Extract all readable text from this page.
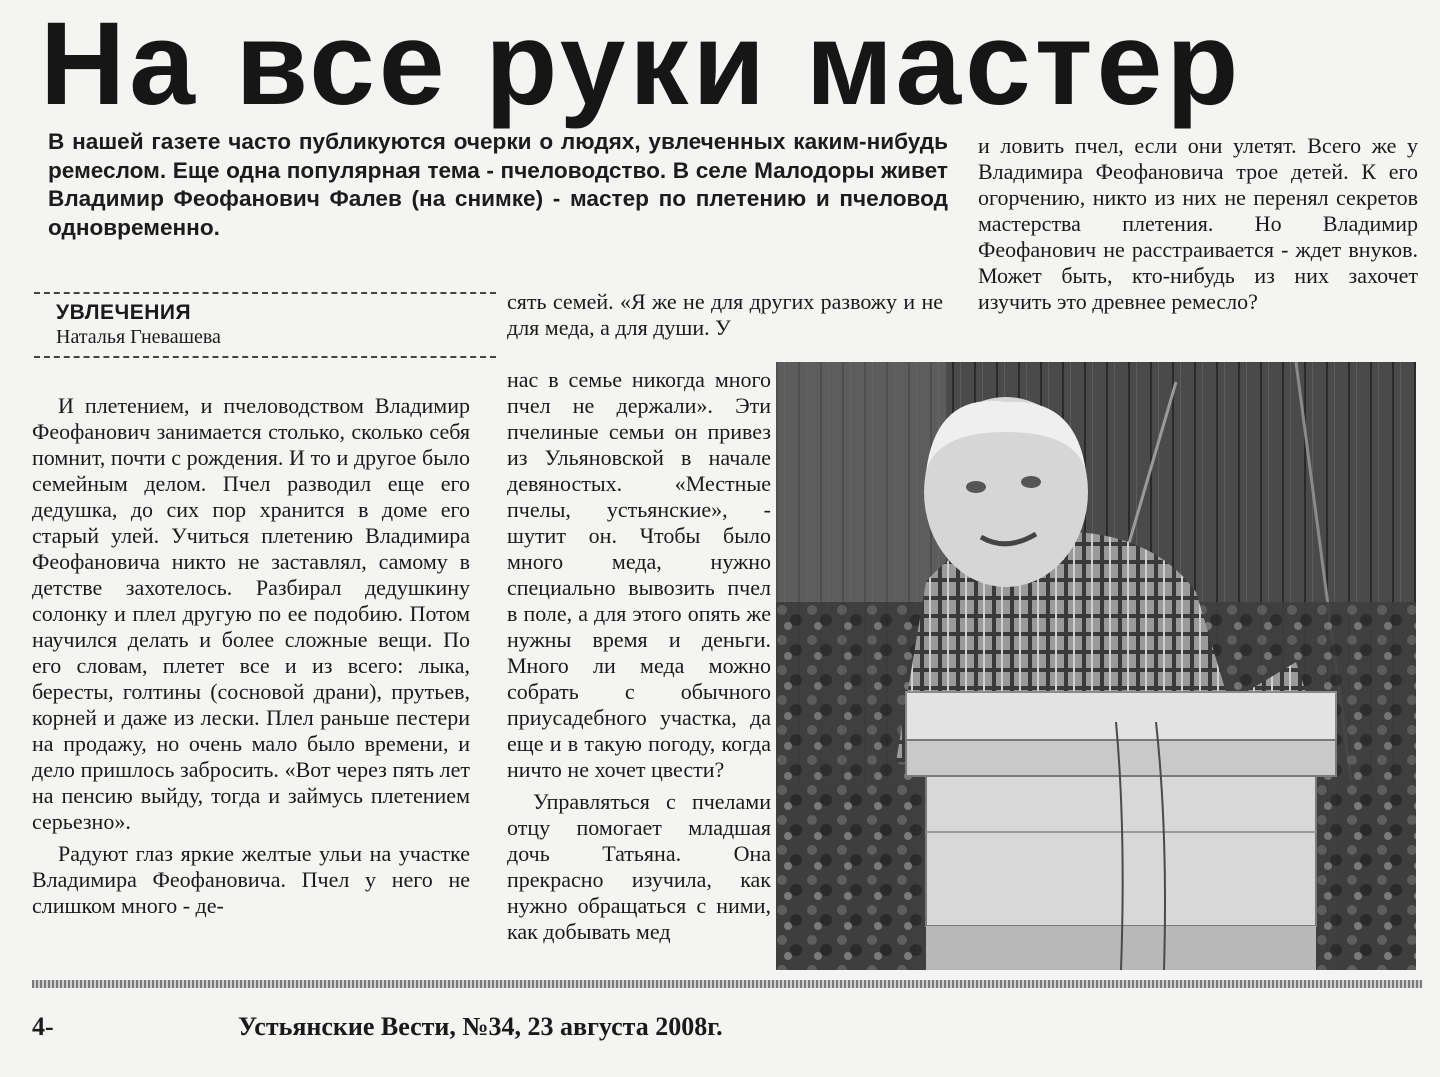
На все руки мастер
В нашей газете часто публикуются очерки о людях, увлеченных каким-нибудь ремеслом. Еще одна популярная тема - пчеловодство. В селе Малодоры живет Владимир Феофанович Фалев (на снимке) - мастер по плетению и пчеловод одновременно.
УВЛЕЧЕНИЯ
Наталья Гневашева

И плетением, и пчеловодством Владимир Феофанович занимается столько, сколько себя помнит, почти с рождения. И то и другое было семейным делом. Пчел разводил еще его дедушка, до сих пор хранится в доме его старый улей. Учиться плетению Владимира Феофановича никто не заставлял, самому в детстве захотелось. Разбирал дедушкину солонку и плел другую по ее подобию. Потом научился делать и более сложные вещи. По его словам, плетет все и из всего: лыка, бересты, голтины (сосновой драни), прутьев, корней и даже из лески. Плел раньше пестери на продажу, но очень мало было времени, и дело пришлось забросить. «Вот через пять лет на пенсию выйду, тогда и займусь плетением серьезно».

Радуют глаз яркие желтые ульи на участке Владимира Феофановича. Пчел у него не слишком много - де-

сять семей. «Я же не для других развожу и не для меда, а для души. У

нас в семье никогда много пчел не держали». Эти пчелиные семьи он привез из Ульяновской в начале девяностых. «Местные пчелы, устьянские», - шутит он. Чтобы было много меда, нужно специально вывозить пчел в поле, а для этого опять же нужны время и деньги. Много ли меда можно собрать с обычного приусадебного участка, да еще и в такую погоду, когда ничто не хочет цвести?

Управляться с пчелами отцу помогает младшая дочь Татьяна. Она прекрасно изучила, как нужно обращаться с ними, как добывать мед

и ловить пчел, если они улетят. Всего же у Владимира Феофановича трое детей. К его огорчению, никто из них не перенял секретов мастерства плетения. Но Владимир Феофанович не расстраивается - ждет внуков. Может быть, кто-нибудь из них захочет изучить это древнее ремесло?

4-	Устьянские Вести, №34, 23 августа 2008г.
